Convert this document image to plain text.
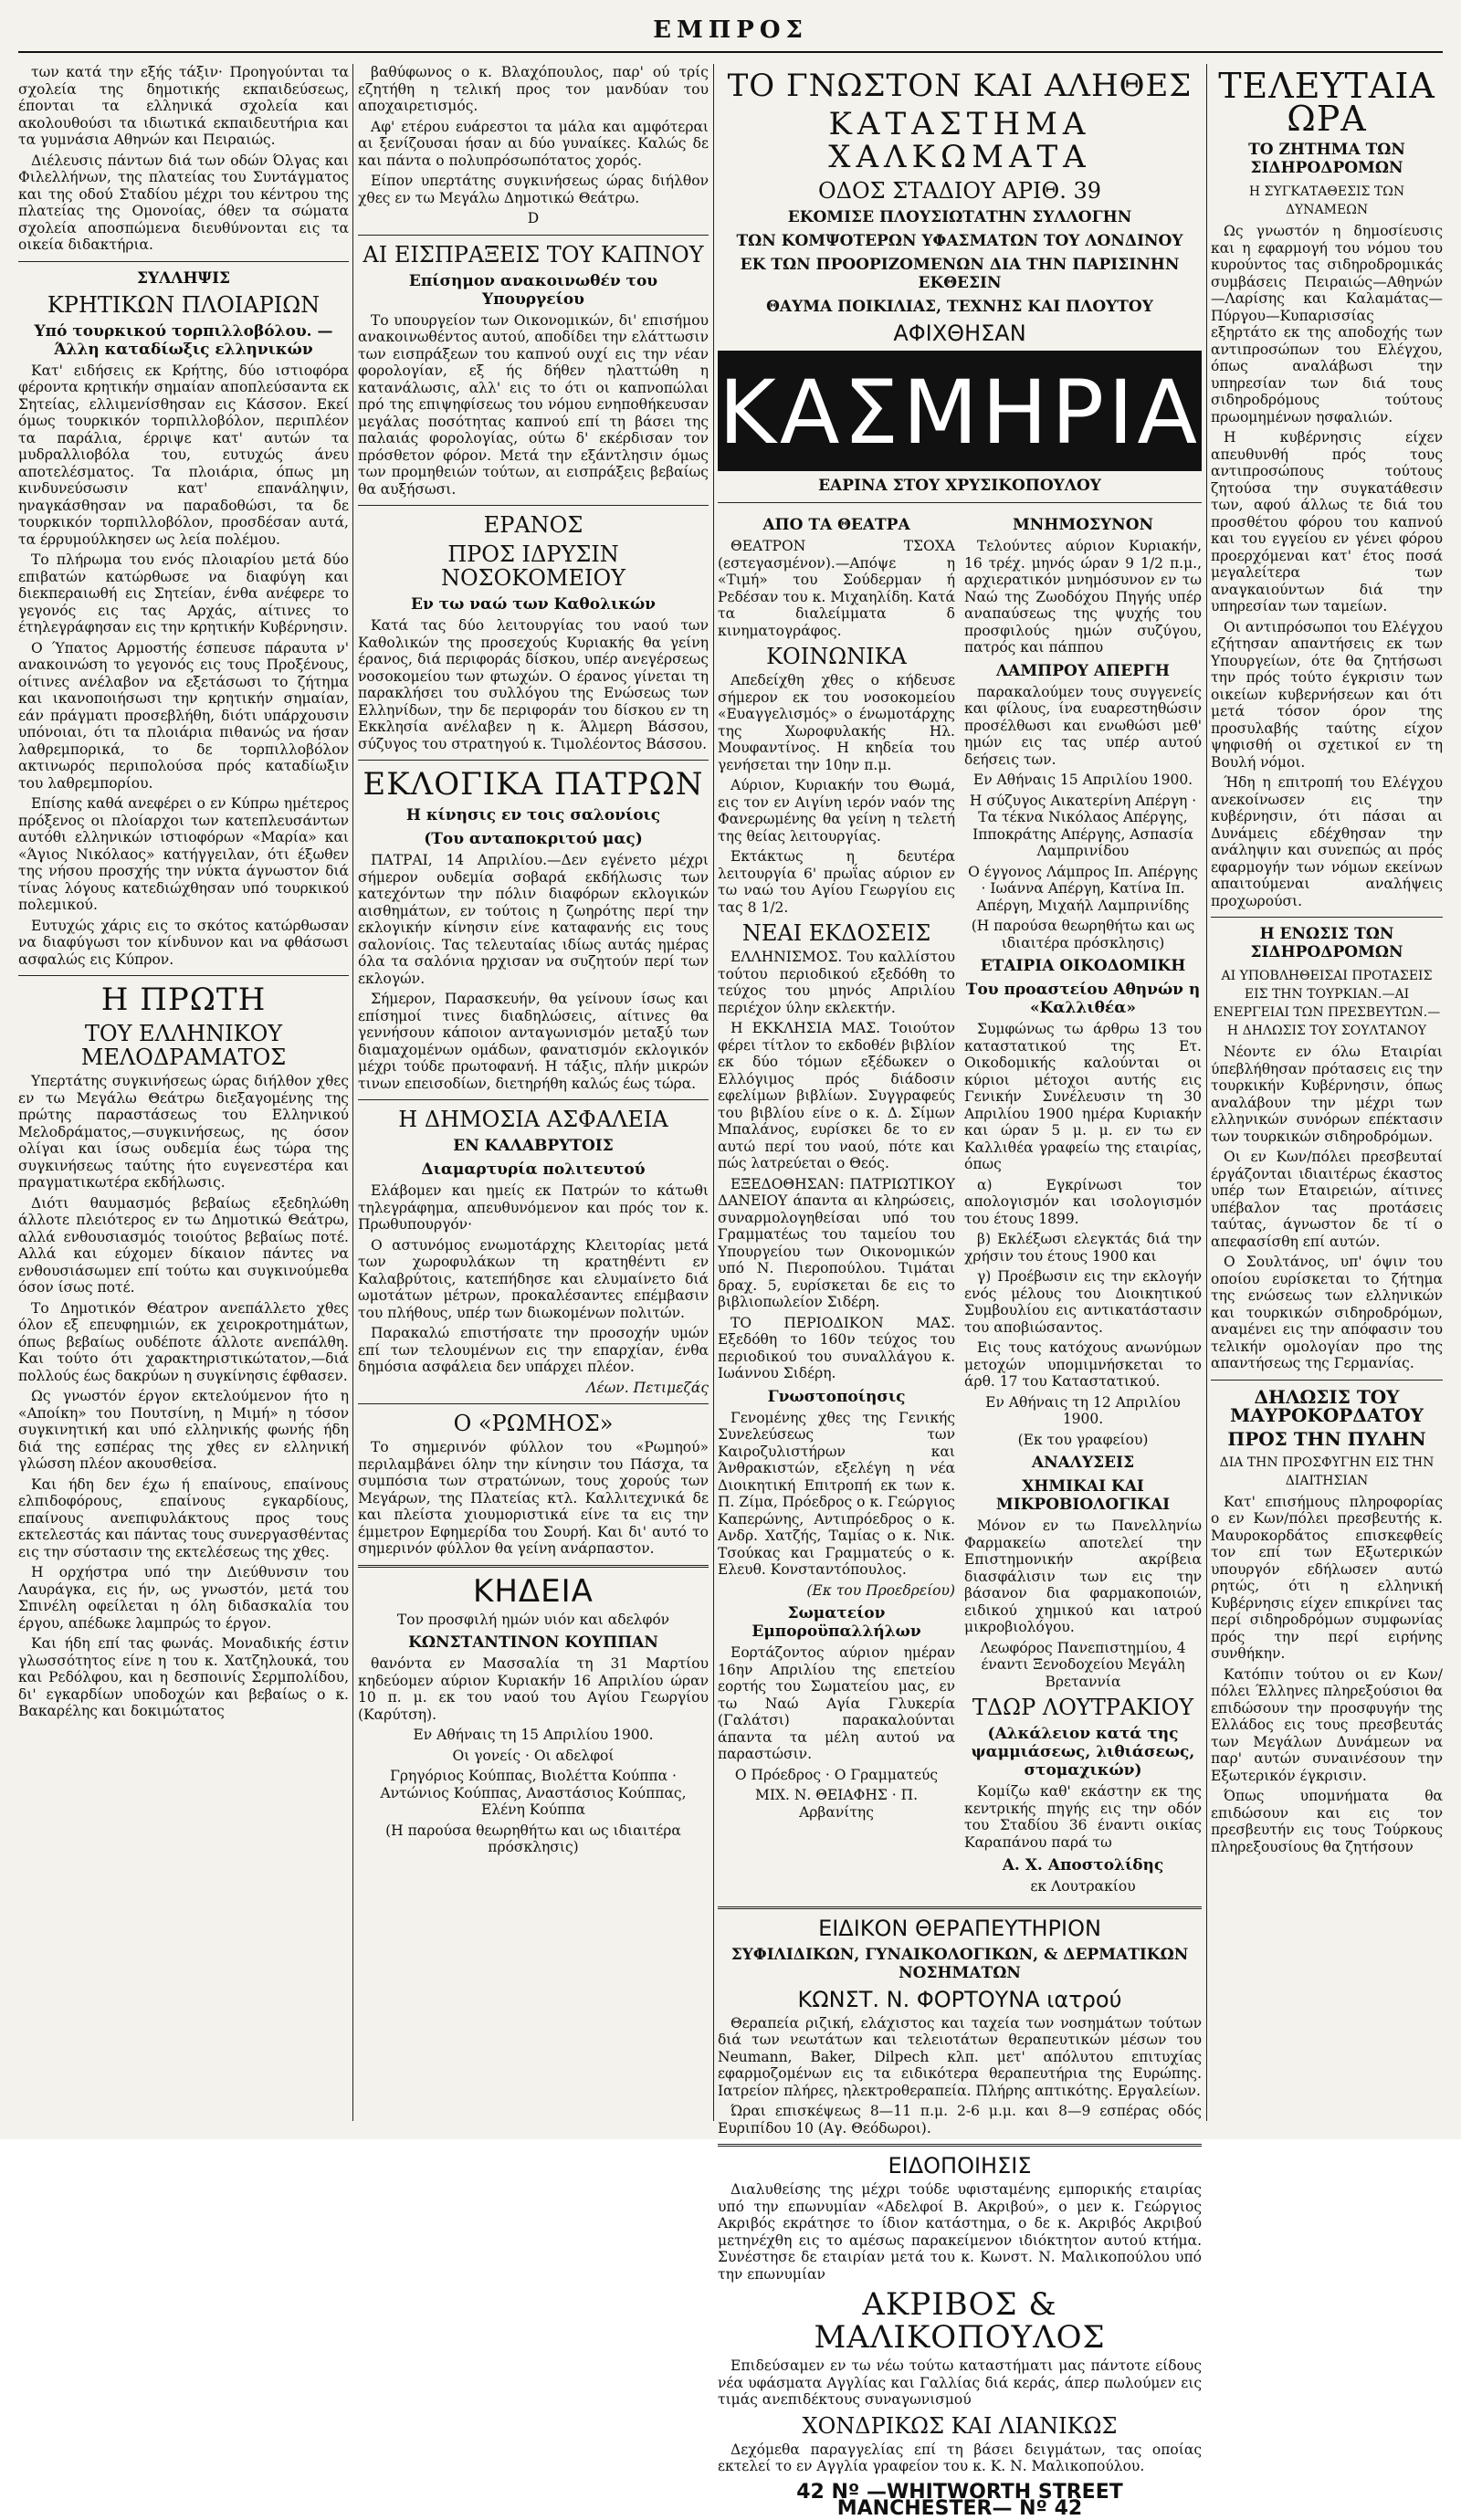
ΕΜΠΡΟΣ

των κατά την εξής τάξιν· Προηγούνται τα σχολεία της δημοτικής εκπαιδεύσεως, έπονται τα ελληνικά σχολεία και ακολουθούσι τα ιδιωτικά εκπαιδευτήρια και τα γυμνάσια Αθηνών και Πειραιώς.

Διέλευσις πάντων διά των οδών Όλγας και Φιλελλήνων, της πλατείας του Συντάγματος και της οδού Σταδίου μέχρι του κέντρου της πλατείας της Ομονοίας, όθεν τα σώματα σχολεία αποσπώμενα διευθύνονται εις τα οικεία διδακτήρια.

ΣΥΛΛΗΨΙΣ
ΚΡΗΤΙΚΩΝ ΠΛΟΙΑΡΙΩΝ
Υπό τουρκικού τορπιλλοβόλου. — Άλλη καταδίωξις ελληνικών

Κατ' ειδήσεις εκ Κρήτης, δύο ιστιοφόρα φέροντα κρητικήν σημαίαν αποπλεύσαντα εκ Σητείας, ελλιμενίσθησαν εις Κάσσον. Εκεί όμως τουρκικόν τορπιλλοβόλον, περιπλέον τα παράλια, έρριψε κατ' αυτών τα μυδραλλιοβόλα του, ευτυχώς άνευ αποτελέσματος. Τα πλοιάρια, όπως μη κινδυνεύσωσιν κατ' επανάληψιν, ηναγκάσθησαν να παραδοθώσι, τα δε τουρκικόν τορπιλλοβόλον, προσδέσαν αυτά, τα έρρυμούλκησεν ως λεία πολέμου.

Το πλήρωμα του ενός πλοιαρίου μετά δύο επιβατών κατώρθωσε να διαφύγη και διεκπεραιωθή εις Σητείαν, ένθα ανέφερε το γεγονός εις τας Αρχάς, αίτινες το έτηλεγράφησαν εις την κρητικήν Κυβέρνησιν.

Ο Ύπατος Αρμοστής έσπευσε πάραυτα ν' ανακοινώση το γεγονός εις τους Προξένους, οίτινες ανέλαβον να εξετάσωσι το ζήτημα και ικανοποιήσωσι την κρητικήν σημαίαν, εάν πράγματι προσεβλήθη, διότι υπάρχουσιν υπόνοιαι, ότι τα πλοιάρια πιθανώς να ήσαν λαθρεμπορικά, το δε τορπιλλοβόλον ακτινωρός περιπολούσα πρός καταδίωξιν του λαθρεμπορίου.

Επίσης καθά ανεφέρει ο εν Κύπρω ημέτερος πρόξενος οι πλοίαρχοι των κατεπλευσάντων αυτόθι ελληνικών ιστιοφόρων «Μαρία» και «Άγιος Νικόλαος» κατήγγειλαν, ότι έξωθεν της νήσου προσχής την νύκτα άγνωστον διά τίνας λόγους κατεδιώχθησαν υπό τουρκικού πολεμικού.

Ευτυχώς χάρις εις το σκότος κατώρθωσαν να διαφύγωσι τον κίνδυνον και να φθάσωσι ασφαλώς εις Κύπρον.

Η ΠΡΩΤΗ
ΤΟΥ ΕΛΛΗΝΙΚΟΥ ΜΕΛΟΔΡΑΜΑΤΟΣ

Υπερτάτης συγκινήσεως ώρας διήλθον χθες εν τω Μεγάλω Θεάτρω διεξαγομένης της πρώτης παραστάσεως του Ελληνικού Μελοδράματος,—συγκινήσεως, ης όσον ολίγαι και ίσως ουδεμία έως τώρα της συγκινήσεως ταύτης ήτο ευγενεστέρα και πραγματικωτέρα εκδήλωσις.

Διότι θαυμασμός βεβαίως εξεδηλώθη άλλοτε πλειότερος εν τω Δημοτικώ Θεάτρω, αλλά ενθουσιασμός τοιούτος βεβαίως ποτέ. Αλλά και εύχομεν δίκαιον πάντες να ενθουσιάσωμεν επί τούτω και συγκινούμεθα όσον ίσως ποτέ.

Το Δημοτικόν Θέατρον ανεπάλλετο χθες όλον εξ επευφημιών, εκ χειροκροτημάτων, όπως βεβαίως ουδέποτε άλλοτε ανεπάλθη. Και τούτο ότι χαρακτηριστικώτατον,—διά πολλούς έως δακρύων η συγκίνησις έφθασεν.

Ως γνωστόν έργον εκτελούμενον ήτο η «Αποίκη» του Πουτσίνη, η Μιμή» η τόσον συγκινητική και υπό ελληνικής φωνής ήδη διά της εσπέρας της χθες εν ελληνική γλώσση πλέον ακουσθείσα.

Και ήδη δεν έχω ή επαίνους, επαίνους ελπιδοφόρους, επαίνους εγκαρδίους, επαίνους ανεπιφυλάκτους προς τους εκτελεστάς και πάντας τους συνεργασθέντας εις την σύστασιν της εκτελέσεως της χθες.

Η ορχήστρα υπό την Διεύθυνσιν του Λαυράγκα, εις ήν, ως γνωστόν, μετά του Σπινέλη οφείλεται η όλη διδασκαλία του έργου, απέδωκε λαμπρώς το έργον.

Και ήδη επί τας φωνάς. Μοναδικής έστιν γλωσσότητος είνε η του κ. Χατζηλουκά, του και Ρεδόλφου, και η δεσποινίς Σερμπολίδου, δι' εγκαρδίων υποδοχών και βεβαίως ο κ. Βακαρέλης και δοκιμώτατος

βαθύφωνος ο κ. Βλαχόπουλος, παρ' ού τρίς εζητήθη η τελική προς τον μανδύαν του αποχαιρετισμός.

Αφ' ετέρου ευάρεστοι τα μάλα και αμφότεραι αι ξενίζουσαι ήσαν αι δύο γυναίκες. Καλώς δε και πάντα ο πολυπρόσωπότατος χορός.

Είπον υπερτάτης συγκινήσεως ώρας διήλθον χθες εν τω Μεγάλω Δημοτικώ Θεάτρω.

D

ΑΙ ΕΙΣΠΡΑΞΕΙΣ ΤΟΥ ΚΑΠΝΟΥ
Επίσημον ανακοινωθέν του Υπουργείου

Το υπουργείον των Οικονομικών, δι' επισήμου ανακοινωθέντος αυτού, αποδίδει την ελάττωσιν των εισπράξεων του καπνού ουχί εις την νέαν φορολογίαν, εξ ής δήθεν ηλαττώθη η κατανάλωσις, αλλ' εις το ότι οι καπνοπώλαι πρό της επιψηφίσεως του νόμου ενηποθήκευσαν μεγάλας ποσότητας καπνού επί τη βάσει της παλαιάς φορολογίας, ούτω δ' εκέρδισαν τον πρόσθετον φόρον. Μετά την εξάντλησιν όμως των προμηθειών τούτων, αι εισπράξεις βεβαίως θα αυξήσωσι.

ΕΡΑΝΟΣ
ΠΡΟΣ ΙΔΡΥΣΙΝ ΝΟΣΟΚΟΜΕΙΟΥ
Εν τω ναώ των Καθολικών

Κατά τας δύο λειτουργίας του ναού των Καθολικών της προσεχούς Κυριακής θα γείνη έρανος, διά περιφοράς δίσκου, υπέρ ανεγέρσεως νοσοκομείου των φτωχών. Ο έρανος γίνεται τη παρακλήσει του συλλόγου της Ενώσεως των Ελληνίδων, την δε περιφοράν του δίσκου εν τη Εκκλησία ανέλαβεν η κ. Άλμερη Βάσσου, σύζυγος του στρατηγού κ. Τιμολέοντος Βάσσου.

ΕΚΛΟΓΙΚΑ ΠΑΤΡΩΝ
Η κίνησις εν τοις σαλονίοις
(Του ανταποκριτού μας)

ΠΑΤΡΑΙ, 14 Απριλίου.—Δεν εγένετο μέχρι σήμερον ουδεμία σοβαρά εκδήλωσις των κατεχόντων την πόλιν διαφόρων εκλογικών αισθημάτων, εν τούτοις η ζωηρότης περί την εκλογικήν κίνησιν είνε καταφανής εις τους σαλονίοις. Τας τελευταίας ιδίως αυτάς ημέρας όλα τα σαλόνια ηρχισαν να συζητούν περί των εκλογών.

Σήμερον, Παρασκευήν, θα γείνουν ίσως και επίσημοί τινες διαδηλώσεις, αίτινες θα γεννήσουν κάποιον ανταγωνισμόν μεταξύ των διαμαχομένων ομάδων, φανατισμόν εκλογικόν μέχρι τούδε πρωτοφανή. Η τάξις, πλήν μικρών τινων επεισοδίων, διετηρήθη καλώς έως τώρα.

Η ΔΗΜΟΣΙΑ ΑΣΦΑΛΕΙΑ
ΕΝ ΚΑΛΑΒΡΥΤΟΙΣ
Διαμαρτυρία πολιτευτού

Ελάβομεν και ημείς εκ Πατρών το κάτωθι τηλεγράφημα, απευθυνόμενον και πρός τον κ. Πρωθυπουργόν·

Ο αστυνόμος ενωμοτάρχης Κλειτορίας μετά των χωροφυλάκων τη κρατηθέντι εν Καλαβρύτοις, κατεπήδησε και ελυμαίνετο διά ωμοτάτων μέτρων, προκαλέσαντες επέμβασιν του πλήθους, υπέρ των διωκομένων πολιτών.

Παρακαλώ επιστήσατε την προσοχήν υμών επί των τελουμένων εις την επαρχίαν, ένθα δημόσια ασφάλεια δεν υπάρχει πλέον.

Λέων. Πετιμεζάς

Ο «ΡΩΜΗΟΣ»

Το σημερινόν φύλλον του «Ρωμηού» περιλαμβάνει όλην την κίνησιν του Πάσχα, τα συμπόσια των στρατώνων, τους χορούς των Μεγάρων, της Πλατείας κτλ. Καλλιτεχνικά δε και πλείστα χιουμοριστικά είνε τα εις την έμμετρον Εφημερίδα του Σουρή. Και δι' αυτό το σημερινόν φύλλον θα γείνη ανάρπαστον.

ΚΗΔΕΙΑ

Τον προσφιλή ημών υιόν και αδελφόν

ΚΩΝΣΤΑΝΤΙΝΟΝ ΚΟΥΠΠΑΝ

θανόντα εν Μασσαλία τη 31 Μαρτίου κηδεύομεν αύριον Κυριακήν 16 Απριλίου ώραν 10 π. μ. εκ του ναού του Αγίου Γεωργίου (Καρύτση).

Εν Αθήναις τη 15 Απριλίου 1900.

Οι γονείς · Οι αδελφοί

Γρηγόριος Κούππας, Βιολέττα Κούππα · Αντώνιος Κούππας, Αναστάσιος Κούππας, Ελένη Κούππα

(Η παρούσα θεωρηθήτω και ως ιδιαιτέρα πρόσκλησις)

ΤΟ ΓΝΩΣΤΟΝ ΚΑΙ ΑΛΗΘΕΣ
ΚΑΤΑΣΤΗΜΑ ΧΑΛΚΩΜΑΤΑ
ΟΔΟΣ ΣΤΑΔΙΟΥ ΑΡΙΘ. 39
ΕΚΟΜΙΣΕ ΠΛΟΥΣΙΩΤΑΤΗΝ ΣΥΛΛΟΓΗΝ
ΤΩΝ ΚΟΜΨΟΤΕΡΩΝ ΥΦΑΣΜΑΤΩΝ ΤΟΥ ΛΟΝΔΙΝΟΥ
ΕΚ ΤΩΝ ΠΡΟΟΡΙΖΟΜΕΝΩΝ ΔΙΑ ΤΗΝ ΠΑΡΙΣΙΝΗΝ ΕΚΘΕΣΙΝ
ΘΑΥΜΑ ΠΟΙΚΙΛΙΑΣ, ΤΕΧΝΗΣ ΚΑΙ ΠΛΟΥΤΟΥ
ΑΦΙΧΘΗΣΑΝ
ΚΑΣΜΗΡΙΑ
ΕΑΡΙΝΑ ΣΤΟΥ ΧΡΥΣΙΚΟΠΟΥΛΟΥ
ΑΠΟ ΤΑ ΘΕΑΤΡΑ

ΘΕΑΤΡΟΝ ΤΣΟΧΑ (εστεγασμένον).—Απόψε η «Τιμή» του Σούδερμαν ή Ρεδέσαν του κ. Μιχαηλίδη. Κατά τα διαλείμματα δ κινηματογράφος.

ΚΟΙΝΩΝΙΚΑ

Απεδείχθη χθες ο κήδευσε σήμερον εκ του νοσοκομείου «Ευαγγελισμός» ο ένωμοτάρχης της Χωροφυλακής Ηλ. Μουφαντίνος. Η κηδεία του γενήσεται την 10ην π.μ.

Αύριον, Κυριακήν του Θωμά, εις τον εν Αιγίνη ιερόν ναόν της Φανερωμένης θα γείνη η τελετή της θείας λειτουργίας.

Εκτάκτως η δευτέρα λειτουργία 6' πρωΐας αύριον εν τω ναώ του Αγίου Γεωργίου εις τας 8 1/2.

ΝΕΑΙ ΕΚΔΟΣΕΙΣ

ΕΛΛΗΝΙΣΜΟΣ. Του καλλίστου τούτου περιοδικού εξεδόθη το τεύχος του μηνός Απριλίου περιέχον ύλην εκλεκτήν.

Η ΕΚΚΛΗΣΙΑ ΜΑΣ. Τοιούτον φέρει τίτλον το εκδοθέν βιβλίον εκ δύο τόμων εξέδωκεν ο Ελλόγιμος πρός διάδοσιν εφελίμων βιβλίων. Συγγραφεύς του βιβλίου είνε ο κ. Δ. Σίμων Μπαλάνος, ευρίσκει δε το εν αυτώ περί του ναού, πότε και πώς λατρεύεται ο Θεός.

ΕΞΕΔΟΘΗΣΑΝ: ΠΑΤΡΙΩΤΙΚΟΥ ΔΑΝΕΙΟΥ άπαντα αι κληρώσεις, συναρμολογηθείσαι υπό του Γραμματέως του ταμείου του Υπουργείου των Οικονομικών υπό Ν. Πιεροπούλου. Τιμάται δραχ. 5, ευρίσκεται δε εις το βιβλιοπωλείον Σιδέρη.

ΤΟ ΠΕΡΙΟΔΙΚΟΝ ΜΑΣ. Εξεδόθη το 160ν τεύχος του περιοδικού του συναλλάγου κ. Ιωάννου Σιδέρη.

Γνωστοποίησις

Γενομένης χθες της Γενικής Συνελεύσεως των Καιροζυλιστήρων και Άνθρακιστών, εξελέγη η νέα Διοικητική Επιτροπή εκ των κ. Π. Ζίμα, Πρόεδρος ο κ. Γεώργιος Καπερώνης, Αντιπρόεδρος ο κ. Ανδρ. Χατζής, Ταμίας ο κ. Νικ. Τσούκας και Γραμματεύς ο κ. Ελευθ. Κονσταντόπουλος.

(Εκ του Προεδρείου)

Σωματείον Εμποροϋπαλλήλων

Εορτάζοντος αύριον ημέραν 16ην Απριλίου της επετείου εορτής του Σωματείου μας, εν τω Ναώ Αγία Γλυκερία (Γαλάτσι) παρακαλούνται άπαντα τα μέλη αυτού να παραστώσιν.

Ο Πρόεδρος · Ο Γραμματεύς

ΜΙΧ. Ν. ΘΕΙΑΦΗΣ · Π. Αρβανίτης

ΜΝΗΜΟΣΥΝΟΝ

Τελούντες αύριον Κυριακήν, 16 τρέχ. μηνός ώραν 9 1/2 π.μ., αρχιερατικόν μνημόσυνον εν τω Ναώ της Ζωοδόχου Πηγής υπέρ αναπαύσεως της ψυχής του προσφιλούς ημών συζύγου, πατρός και πάππου

ΛΑΜΠΡΟΥ ΑΠΕΡΓΗ

παρακαλούμεν τους συγγενείς και φίλους, ίνα ευαρεστηθώσιν προσέλθωσι και ενωθώσι μεθ' ημών εις τας υπέρ αυτού δεήσεις των.

Εν Αθήναις 15 Απριλίου 1900.

Η σύζυγος Αικατερίνη Απέργη · Τα τέκνα Νικόλαος Απέργης, Ιπποκράτης Απέργης, Ασπασία Λαμπρινίδου

Ο έγγονος Λάμπρος Ιπ. Απέργης · Ιωάννα Απέργη, Κατίνα Ιπ. Απέργη, Μιχαήλ Λαμπρινίδης

(Η παρούσα θεωρηθήτω και ως ιδιαιτέρα πρόσκλησις)

ΕΤΑΙΡΙΑ ΟΙΚΟΔΟΜΙΚΗ
Του προαστείου Αθηνών η «Καλλιθέα»

Συμφώνως τω άρθρω 13 του καταστατικού της Ετ. Οικοδομικής καλούνται οι κύριοι μέτοχοι αυτής εις Γενικήν Συνέλευσιν τη 30 Απριλίου 1900 ημέρα Κυριακήν και ώραν 5 μ. μ. εν τω εν Καλλιθέα γραφείω της εταιρίας, όπως

α) Εγκρίνωσι τον απολογισμόν και ισολογισμόν του έτους 1899.

β) Εκλέξωσι ελεγκτάς διά την χρήσιν του έτους 1900 και

γ) Προέβωσιν εις την εκλογήν ενός μέλους του Διοικητικού Συμβουλίου εις αντικατάστασιν του αποβιώσαντος.

Εις τους κατόχους ανωνύμων μετοχών υπομιμνήσκεται το άρθ. 17 του Καταστατικού.

Εν Αθήναις τη 12 Απριλίου 1900.

(Εκ του γραφείου)

ΑΝΑΛΥΣΕΙΣ
ΧΗΜΙΚΑΙ ΚΑΙ ΜΙΚΡΟΒΙΟΛΟΓΙΚΑΙ

Μόνον εν τω Πανελληνίω Φαρμακείω αποτελεί την Επιστημονικήν ακρίβεια διασφάλισιν των εις την βάσανον δια φαρμακοποιών, ειδικού χημικού και ιατρού μικροβιολόγου.

Λεωφόρος Πανεπιστημίου, 4 έναντι Ξενοδοχείου Μεγάλη Βρεταννία

ΤΔΩΡ ΛΟΥΤΡΑΚΙΟΥ
(Αλκάλειον κατά της ψαμμιάσεως, λιθιάσεως, στομαχικών)

Κομίζω καθ' εκάστην εκ της κεντρικής πηγής εις την οδόν του Σταδίου 36 έναντι οικίας Καραπάνου παρά τω

Α. Χ. Αποστολίδης

εκ Λουτρακίου

ΕΙΔΙΚΟΝ ΘΕΡΑΠΕΥΤΗΡΙΟΝ
ΣΥΦΙΛΙΔΙΚΩΝ, ΓΥΝΑΙΚΟΛΟΓΙΚΩΝ, & ΔΕΡΜΑΤΙΚΩΝ ΝΟΣΗΜΑΤΩΝ
ΚΩΝΣΤ. Ν. ΦΟΡΤΟΥΝΑ ιατρού

Θεραπεία ριζική, ελάχιστος και ταχεία των νοσημάτων τούτων διά των νεωτάτων και τελειοτάτων θεραπευτικών μέσων του Neumann, Baker, Dilpech κλπ. μετ' απόλυτου επιτυχίας εφαρμοζομένων εις τα ειδικότερα θεραπευτήρια της Ευρώπης. Ιατρείον πλήρες, ηλεκτροθεραπεία. Πλήρης απτικότης. Εργαλείων.

Ώραι επισκέψεως 8—11 π.μ. 2-6 μ.μ. και 8—9 εσπέρας οδός Ευριπίδου 10 (Αγ. Θεόδωροι).

ΕΙΔΟΠΟΙΗΣΙΣ

Διαλυθείσης της μέχρι τούδε υφισταμένης εμπορικής εταιρίας υπό την επωνυμίαν «Αδελφοί Β. Ακριβού», ο μεν κ. Γεώργιος Ακριβός εκράτησε το ίδιον κατάστημα, ο δε κ. Ακριβός Ακριβού μετηνέχθη εις το αμέσως παρακείμενον ιδιόκτητον αυτού κτήμα. Συνέστησε δε εταιρίαν μετά του κ. Κωνστ. Ν. Μαλικοπούλου υπό την επωνυμίαν

ΑΚΡΙΒΟΣ & ΜΑΛΙΚΟΠΟΥΛΟΣ

Επιδεύσαμεν εν τω νέω τούτω καταστήματι μας πάντοτε είδους νέα υφάσματα Αγγλίας και Γαλλίας διά κεράς, άπερ πωλούμεν εις τιμάς ανεπιδέκτους συναγωνισμού

ΧΟΝΔΡΙΚΩΣ ΚΑΙ ΛΙΑΝΙΚΩΣ

Δεχόμεθα παραγγελίας επί τη βάσει δειγμάτων, τας οποίας εκτελεί το εν Αγγλία γραφείον του κ. Κ. Ν. Μαλικοπούλου.

42 Nº —WHITWORTH STREET MANCHESTER— Nº 42
ΤΕΛΕΥΤΑΙΑ ΩΡΑ
ΤΟ ΖΗΤΗΜΑ ΤΩΝ ΣΙΔΗΡΟΔΡΟΜΩΝ
Η ΣΥΓΚΑΤΑΘΕΣΙΣ ΤΩΝ ΔΥΝΑΜΕΩΝ

Ως γνωστόν η δημοσίευσις και η εφαρμογή του νόμου του κυρούντος τας σιδηροδρομικάς συμβάσεις Πειραιώς—Αθηνών—Λαρίσης και Καλαμάτας—Πύργου—Κυπαρισσίας εξηρτάτο εκ της αποδοχής των αντιπροσώπων του Ελέγχου, όπως αναλάβωσι την υπηρεσίαν των διά τους σιδηροδρόμους τούτους πρωομημένων ησφαλιών.

Η κυβέρνησις είχεν απευθυνθή πρός τους αντιπροσώπους τούτους ζητούσα την συγκατάθεσιν των, αφού άλλως τε διά του προσθέτου φόρου του καπνού και του εγγείου εν γένει φόρου προερχόμεναι κατ' έτος ποσά μεγαλείτερα των αναγκαιούντων διά την υπηρεσίαν των ταμείων.

Οι αντιπρόσωποι του Ελέγχου εζήτησαν απαντήσεις εκ των Υπουργείων, ότε θα ζητήσωσι την πρός τούτο έγκρισιν των οικείων κυβερνήσεων και ότι μετά τόσον όρον της προσυλαβής ταύτης είχον ψηφισθή οι σχετικοί εν τη Βουλή νόμοι.

Ήδη η επιτροπή του Ελέγχου ανεκοίνωσεν εις την κυβέρνησιν, ότι πάσαι αι Δυνάμεις εδέχθησαν την ανάληψιν και συνεπώς αι πρός εφαρμογήν των νόμων εκείνων απαιτούμεναι αναλήψεις προχωρούσι.

Η ΕΝΩΣΙΣ ΤΩΝ ΣΙΔΗΡΟΔΡΟΜΩΝ
ΑΙ ΥΠΟΒΛΗΘΕΙΣΑΙ ΠΡΟΤΑΣΕΙΣ ΕΙΣ ΤΗΝ ΤΟΥΡΚΙΑΝ.—ΑΙ ΕΝΕΡΓΕΙΑΙ ΤΩΝ ΠΡΕΣΒΕΥΤΩΝ.—Η ΔΗΛΩΣΙΣ ΤΟΥ ΣΟΥΛΤΑΝΟΥ

Νέοντε εν όλω Εταιρίαι ύπεβλήθησαν πρότασεις εις την τουρκικήν Κυβέρνησιν, όπως αναλάβουν την μέχρι των ελληνικών συνόρων επέκτασιν των τουρκικών σιδηροδρόμων.

Οι εν Κων/πόλει πρεσβευταί έργάζονται ιδιαιτέρως έκαστος υπέρ των Εταιρειών, αίτινες υπέβαλον τας προτάσεις ταύτας, άγνωστον δε τί ο απεφασίσθη επί αυτών.

Ο Σουλτάνος, υπ' όψιν του οποίου ευρίσκεται το ζήτημα της ενώσεως των ελληνικών και τουρκικών σιδηροδρόμων, αναμένει εις την απόφασιν του τελικήν ομολογίαν προ της απαντήσεως της Γερμανίας.

ΔΗΛΩΣΙΣ ΤΟΥ ΜΑΥΡΟΚΟΡΔΑΤΟΥ
ΠΡΟΣ ΤΗΝ ΠΥΛΗΝ
ΔΙΑ ΤΗΝ ΠΡΟΣΦΥΓΗΝ ΕΙΣ ΤΗΝ ΔΙΑΙΤΗΣΙΑΝ

Κατ' επισήμους πληροφορίας ο εν Κων/πόλει πρεσβευτής κ. Μαυροκορδάτος επισκεφθείς τον επί των Εξωτερικών υπουργόν εδήλωσεν αυτώ ρητώς, ότι η ελληνική Κυβέρνησις είχεν επικρίνει τας περί σιδηροδρόμων συμφωνίας πρός την περί ειρήνης συνθήκην.

Κατόπιν τούτου οι εν Κων/πόλει Έλληνες πληρεξούσιοι θα επιδώσουν την προσφυγήν της Ελλάδος εις τους πρεσβευτάς των Μεγάλων Δυνάμεων να παρ' αυτών συναινέσουν την Εξωτερικόν έγκρισιν.

Όπως υπομνήματα θα επιδώσουν και εις τον πρεσβευτήν εις τους Τούρκους πληρεξουσίους θα ζητήσουν
